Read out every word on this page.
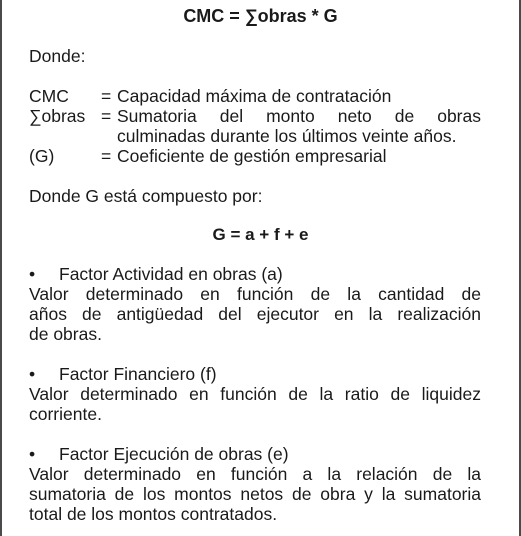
CMC = ∑obras * G
Donde:
CMC	= Capacidad máxima de contratación
∑obras = Sumatoria del monto neto de obras
culminadas durante los últimos veinte años.
(G)	= Coeficiente de gestión empresarial
Donde G está compuesto por:
G = a + f + e
• Factor Actividad en obras (a)
Valor determinado en función de la cantidad de
años de antigüedad del ejecutor en la realización
de obras.
• Factor Financiero (f)
Valor determinado en función de la ratio de liquidez
corriente.
• Factor Ejecución de obras (e)
Valor determinado en función a la relación de la
sumatoria de los montos netos de obra y la sumatoria
total de los montos contratados.
